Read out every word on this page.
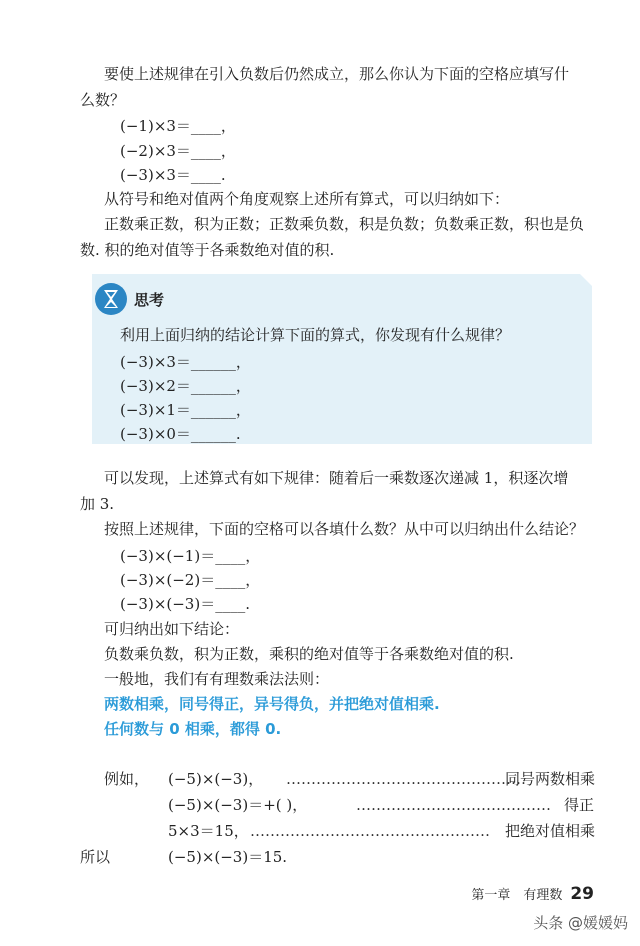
要使上述规律在引入负数后仍然成立，那么你认为下面的空格应填写什
么数？
(−1)×3＝____，
(−2)×3＝____，
(−3)×3＝____.
从符号和绝对值两个角度观察上述所有算式，可以归纳如下：
正数乘正数，积为正数；正数乘负数，积是负数；负数乘正数，积也是负
数. 积的绝对值等于各乘数绝对值的积.
思考
利用上面归纳的结论计算下面的算式，你发现有什么规律？
(−3)×3＝______，
(−3)×2＝______，
(−3)×1＝______，
(−3)×0＝______.
可以发现，上述算式有如下规律：随着后一乘数逐次递减 1，积逐次增
加 3.
按照上述规律，下面的空格可以各填什么数？从中可以归纳出什么结论？
(−3)×(−1)＝____，
(−3)×(−2)＝____，
(−3)×(−3)＝____.
可归纳出如下结论：
负数乘负数，积为正数，乘积的绝对值等于各乘数绝对值的积.
一般地，我们有有理数乘法法则：
两数相乘，同号得正，异号得负，并把绝对值相乘.
任何数与 0 相乘，都得 0.
例如， (−5)×(−3)， …………………………………………
同号两数相乘
(−5)×(−3)＝+( )，	………………………………… 得正
5×3＝15， ………………………………………… 把绝对值相乘
所以	(−5)×(−3)＝15.
第一章　有理数 29
头条 @媛媛妈
